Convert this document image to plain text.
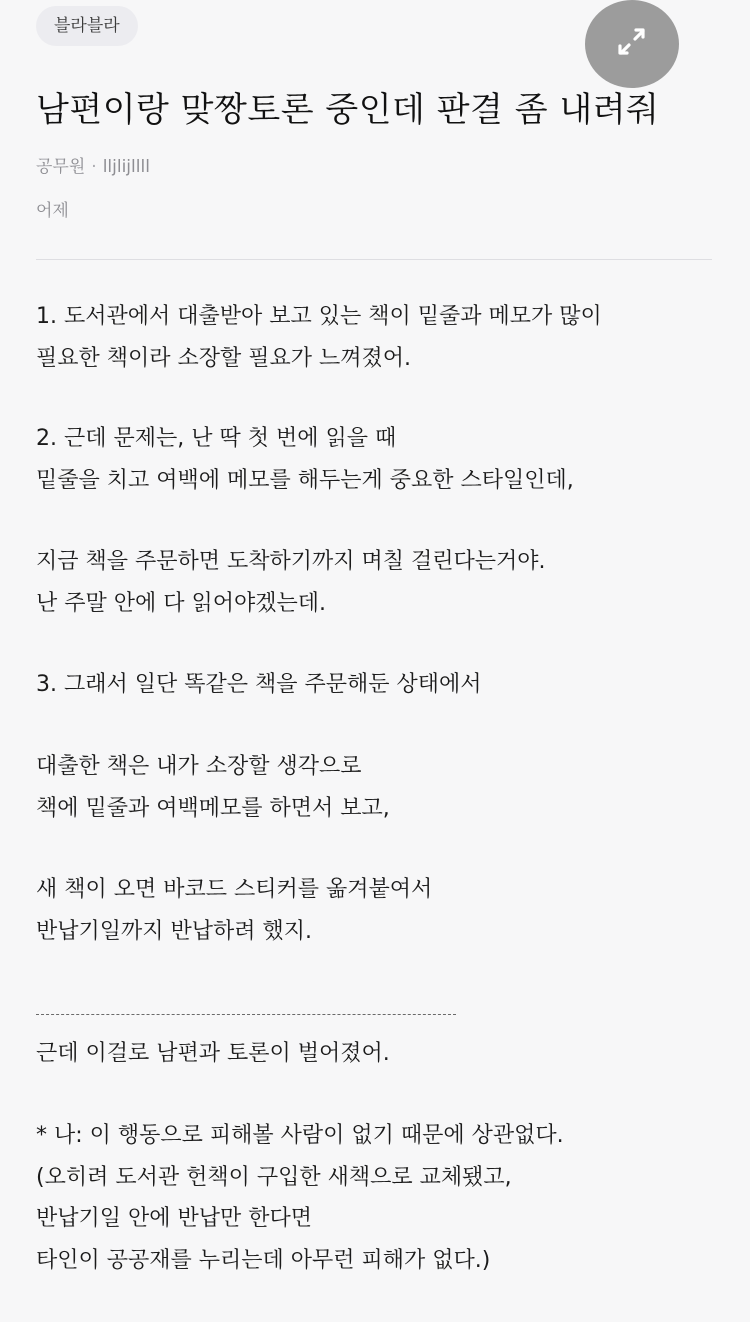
블라블라
남편이랑 맞짱토론 중인데 판결 좀 내려줘
공무원 · lljlijllll
어제
1. 도서관에서 대출받아 보고 있는 책이 밑줄과 메모가 많이
필요한 책이라 소장할 필요가 느껴졌어.
2. 근데 문제는, 난 딱 첫 번에 읽을 때
밑줄을 치고 여백에 메모를 해두는게 중요한 스타일인데,
지금 책을 주문하면 도착하기까지 며칠 걸린다는거야.
난 주말 안에 다 읽어야겠는데.
3. 그래서 일단 똑같은 책을 주문해둔 상태에서
대출한 책은 내가 소장할 생각으로
책에 밑줄과 여백메모를 하면서 보고,
새 책이 오면 바코드 스티커를 옮겨붙여서
반납기일까지 반납하려 했지.
근데 이걸로 남편과 토론이 벌어졌어.
* 나: 이 행동으로 피해볼 사람이 없기 때문에 상관없다.
(오히려 도서관 헌책이 구입한 새책으로 교체됐고,
반납기일 안에 반납만 한다면
타인이 공공재를 누리는데 아무런 피해가 없다.)
